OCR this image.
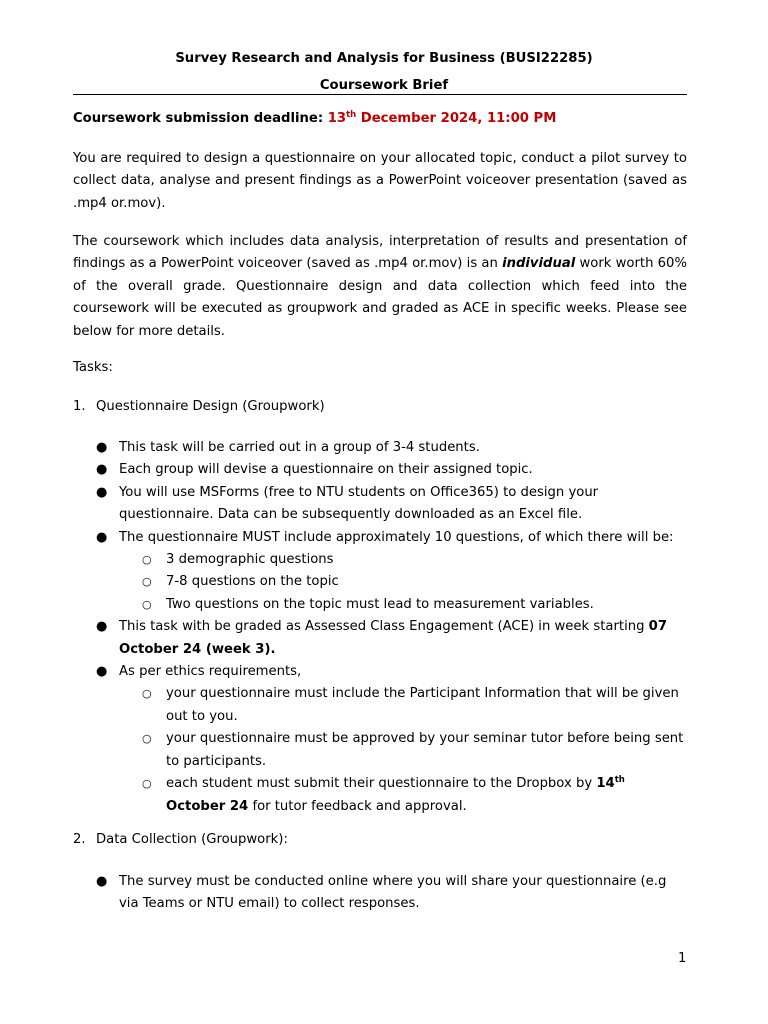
Survey Research and Analysis for Business (BUSI22285)
Coursework Brief
Coursework submission deadline: 13th December 2024, 11:00 PM

You are required to design a questionnaire on your allocated topic, conduct a pilot survey to collect data, analyse and present findings as a PowerPoint voiceover presentation (saved as .mp4 or.mov).

The coursework which includes data analysis, interpretation of results and presentation of findings as a PowerPoint voiceover (saved as .mp4 or.mov) is an individual work worth 60% of the overall grade. Questionnaire design and data collection which feed into the coursework will be executed as groupwork and graded as ACE in specific weeks. Please see below for more details.

Tasks:
1. Questionnaire Design (Groupwork)
● This task will be carried out in a group of 3-4 students.
● Each group will devise a questionnaire on their assigned topic.
● You will use MSForms (free to NTU students on Office365) to design your questionnaire. Data can be subsequently downloaded as an Excel file.
● The questionnaire MUST include approximately 10 questions, of which there will be:
○ 3 demographic questions
○ 7-8 questions on the topic
○ Two questions on the topic must lead to measurement variables.
● This task with be graded as Assessed Class Engagement (ACE) in week starting 07 October 24 (week 3).
● As per ethics requirements,
○ your questionnaire must include the Participant Information that will be given out to you.
○ your questionnaire must be approved by your seminar tutor before being sent to participants.
○ each student must submit their questionnaire to the Dropbox by 14th October 24 for tutor feedback and approval.
2. Data Collection (Groupwork):
● The survey must be conducted online where you will share your questionnaire (e.g via Teams or NTU email) to collect responses.
1
